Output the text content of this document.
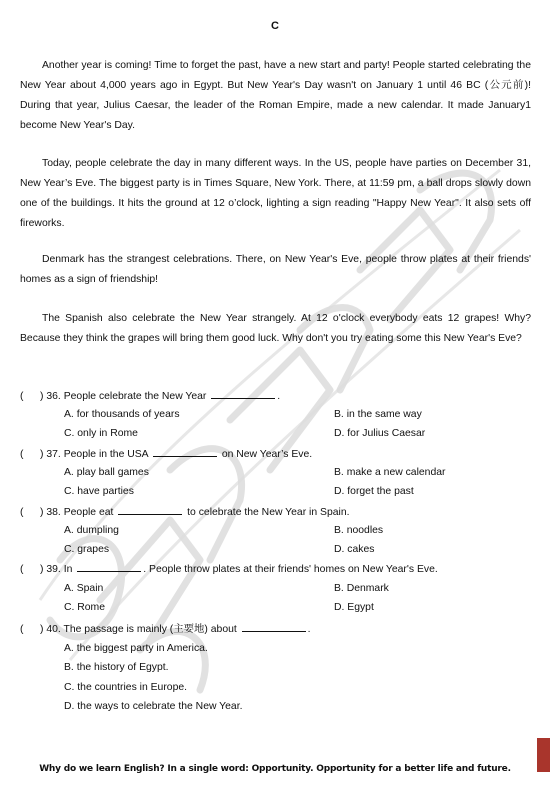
C

Another year is coming! Time to forget the past, have a new start and party! People started celebrating the New Year about 4,000 years ago in Egypt. But New Year's Day wasn't on January 1 until 46 BC (公元前)! During that year, Julius Caesar, the leader of the Roman Empire, made a new calendar. It made January1 become New Year's Day.

Today, people celebrate the day in many different ways. In the US, people have parties on December 31, New Year’s Eve. The biggest party is in Times Square, New York. There, at 11:59 pm, a ball drops slowly down one of the buildings. It hits the ground at 12 o’clock, lighting a sign reading "Happy New Year". It also sets off fireworks.

Denmark has the strangest celebrations. There, on New Year's Eve, people throw plates at their friends' homes as a sign of friendship!

The Spanish also celebrate the New Year strangely. At 12 o'clock everybody eats 12 grapes! Why? Because they think the grapes will bring them good luck. Why don't you try eating some this New Year's Eve?

( ) 36. People celebrate the New Year	.
A. for thousands of years	B. in the same way
C. only in Rome	D. for Julius Caesar
( ) 37. People in the USA	on New Year’s Eve.
A. play ball games	B. make a new calendar
C. have parties	D. forget the past
( ) 38. People eat	to celebrate the New Year in Spain.
A. dumpling	B. noodles
C. grapes	D. cakes
( ) 39. In	. People throw plates at their friends' homes on New Year's Eve.
A. Spain	B. Denmark
C. Rome	D. Egypt
( ) 40. The passage is mainly (主要地) about	.
A. the biggest party in America.
B. the history of Egypt.
C. the countries in Europe.
D. the ways to celebrate the New Year.
Why do we learn English? In a single word: Opportunity. Opportunity for a better life and future.
